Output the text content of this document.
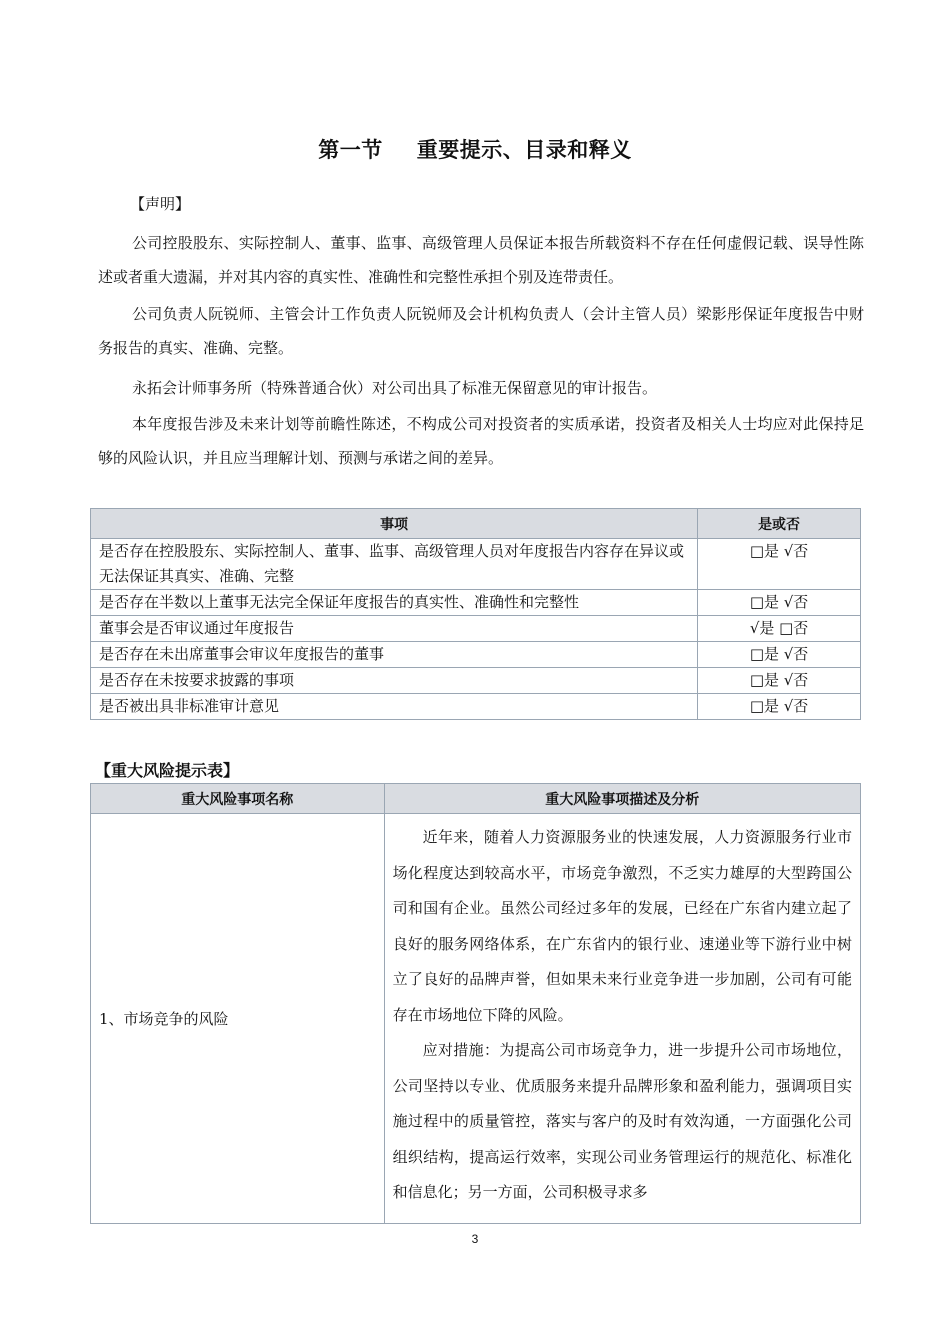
第一节 重要提示、目录和释义
【声明】
公司控股股东、实际控制人、董事、监事、高级管理人员保证本报告所载资料不存在任何虚假记载、误导性陈述或者重大遗漏，并对其内容的真实性、准确性和完整性承担个别及连带责任。
公司负责人阮锐师、主管会计工作负责人阮锐师及会计机构负责人（会计主管人员）梁影彤保证年度报告中财务报告的真实、准确、完整。
永拓会计师事务所（特殊普通合伙）对公司出具了标准无保留意见的审计报告。
本年度报告涉及未来计划等前瞻性陈述，不构成公司对投资者的实质承诺，投资者及相关人士均应对此保持足够的风险认识，并且应当理解计划、预测与承诺之间的差异。
事项	是或否
是否存在控股股东、实际控制人、董事、监事、高级管理人员对年度报告内容存在异议或无法保证其真实、准确、完整	□是 √否
是否存在半数以上董事无法完全保证年度报告的真实性、准确性和完整性	□是 √否
董事会是否审议通过年度报告	√是 □否
是否存在未出席董事会审议年度报告的董事	□是 √否
是否存在未按要求披露的事项	□是 √否
是否被出具非标准审计意见	□是 √否
【重大风险提示表】
重大风险事项名称	重大风险事项描述及分析
1、市场竞争的风险	近年来，随着人力资源服务业的快速发展，人力资源服务行业市场化程度达到较高水平，市场竞争激烈，不乏实力雄厚的大型跨国公司和国有企业。虽然公司经过多年的发展，已经在广东省内建立起了良好的服务网络体系，在广东省内的银行业、速递业等下游行业中树立了良好的品牌声誉，但如果未来行业竞争进一步加剧，公司有可能存在市场地位下降的风险。

应对措施：为提高公司市场竞争力，进一步提升公司市场地位，公司坚持以专业、优质服务来提升品牌形象和盈利能力，强调项目实施过程中的质量管控，落实与客户的及时有效沟通，一方面强化公司组织结构，提高运行效率，实现公司业务管理运行的规范化、标准化和信息化；另一方面，公司积极寻求多

3
